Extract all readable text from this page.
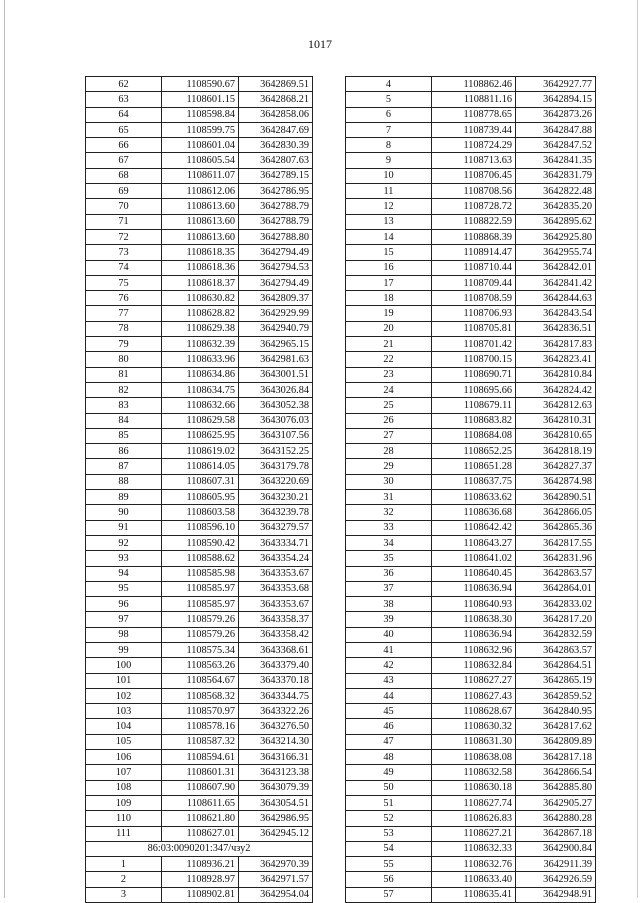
1017
62	1108590.67	3642869.51
63	1108601.15	3642868.21
64	1108598.84	3642858.06
65	1108599.75	3642847.69
66	1108601.04	3642830.39
67	1108605.54	3642807.63
68	1108611.07	3642789.15
69	1108612.06	3642786.95
70	1108613.60	3642788.79
71	1108613.60	3642788.79
72	1108613.60	3642788.80
73	1108618.35	3642794.49
74	1108618.36	3642794.53
75	1108618.37	3642794.49
76	1108630.82	3642809.37
77	1108628.82	3642929.99
78	1108629.38	3642940.79
79	1108632.39	3642965.15
80	1108633.96	3642981.63
81	1108634.86	3643001.51
82	1108634.75	3643026.84
83	1108632.66	3643052.38
84	1108629.58	3643076.03
85	1108625.95	3643107.56
86	1108619.02	3643152.25
87	1108614.05	3643179.78
88	1108607.31	3643220.69
89	1108605.95	3643230.21
90	1108603.58	3643239.78
91	1108596.10	3643279.57
92	1108590.42	3643334.71
93	1108588.62	3643354.24
94	1108585.98	3643353.67
95	1108585.97	3643353.68
96	1108585.97	3643353.67
97	1108579.26	3643358.37
98	1108579.26	3643358.42
99	1108575.34	3643368.61
100	1108563.26	3643379.40
101	1108564.67	3643370.18
102	1108568.32	3643344.75
103	1108570.97	3643322.26
104	1108578.16	3643276.50
105	1108587.32	3643214.30
106	1108594.61	3643166.31
107	1108601.31	3643123.38
108	1108607.90	3643079.39
109	1108611.65	3643054.51
110	1108621.80	3642986.95
111	1108627.01	3642945.12
86:03:0090201:347/чзу2		
1	1108936.21	3642970.39
2	1108928.97	3642971.57
3	1108902.81	3642954.04
4	1108862.46	3642927.77
5	1108811.16	3642894.15
6	1108778.65	3642873.26
7	1108739.44	3642847.88
8	1108724.29	3642847.52
9	1108713.63	3642841.35
10	1108706.45	3642831.79
11	1108708.56	3642822.48
12	1108728.72	3642835.20
13	1108822.59	3642895.62
14	1108868.39	3642925.80
15	1108914.47	3642955.74
16	1108710.44	3642842.01
17	1108709.44	3642841.42
18	1108708.59	3642844.63
19	1108706.93	3642843.54
20	1108705.81	3642836.51
21	1108701.42	3642817.83
22	1108700.15	3642823.41
23	1108690.71	3642810.84
24	1108695.66	3642824.42
25	1108679.11	3642812.63
26	1108683.82	3642810.31
27	1108684.08	3642810.65
28	1108652.25	3642818.19
29	1108651.28	3642827.37
30	1108637.75	3642874.98
31	1108633.62	3642890.51
32	1108636.68	3642866.05
33	1108642.42	3642865.36
34	1108643.27	3642817.55
35	1108641.02	3642831.96
36	1108640.45	3642863.57
37	1108636.94	3642864.01
38	1108640.93	3642833.02
39	1108638.30	3642817.20
40	1108636.94	3642832.59
41	1108632.96	3642863.57
42	1108632.84	3642864.51
43	1108627.27	3642865.19
44	1108627.43	3642859.52
45	1108628.67	3642840.95
46	1108630.32	3642817.62
47	1108631.30	3642809.89
48	1108638.08	3642817.18
49	1108632.58	3642866.54
50	1108630.18	3642885.80
51	1108627.74	3642905.27
52	1108626.83	3642880.28
53	1108627.21	3642867.18
54	1108632.33	3642900.84
55	1108632.76	3642911.39
56	1108633.40	3642926.59
57	1108635.41	3642948.91
